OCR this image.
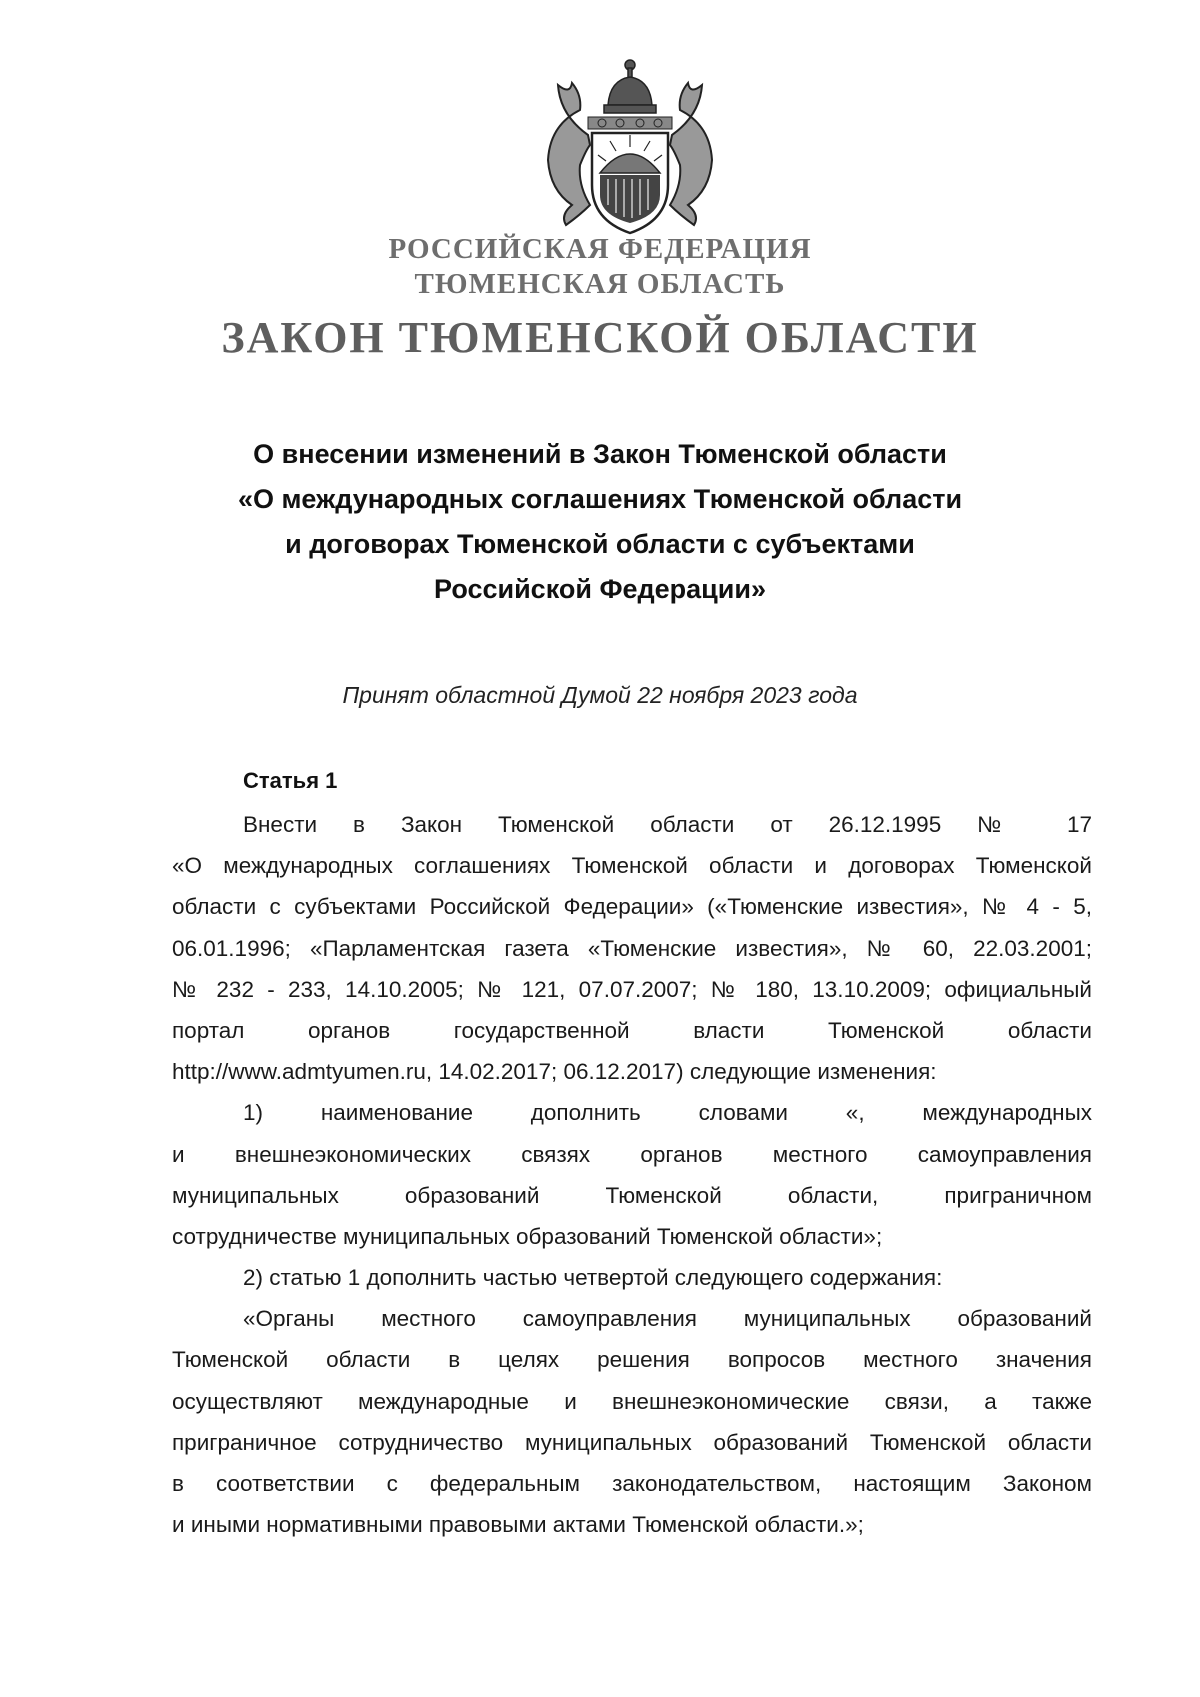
РОССИЙСКАЯ ФЕДЕРАЦИЯ
ТЮМЕНСКАЯ ОБЛАСТЬ
ЗАКОН ТЮМЕНСКОЙ ОБЛАСТИ
О внесении изменений в Закон Тюменской области
«О международных соглашениях Тюменской области
и договорах Тюменской области с субъектами
Российской Федерации»
Принят областной Думой 22 ноября 2023 года
Статья 1
Внести в Закон Тюменской области от 26.12.1995 № 17
«О международных соглашениях Тюменской области и договорах Тюменской
области с субъектами Российской Федерации» («Тюменские известия», № 4 - 5,
06.01.1996; «Парламентская газета «Тюменские известия», № 60, 22.03.2001;
№ 232 - 233, 14.10.2005; № 121, 07.07.2007; № 180, 13.10.2009; официальный
портал органов государственной власти Тюменской области
http://www.admtyumen.ru, 14.02.2017; 06.12.2017) следующие изменения:
1) наименование дополнить словами «, международных
и внешнеэкономических связях органов местного самоуправления
муниципальных образований Тюменской области, приграничном
сотрудничестве муниципальных образований Тюменской области»;
2) статью 1 дополнить частью четвертой следующего содержания:
«Органы местного самоуправления муниципальных образований
Тюменской области в целях решения вопросов местного значения
осуществляют международные и внешнеэкономические связи, а также
приграничное сотрудничество муниципальных образований Тюменской области
в соответствии с федеральным законодательством, настоящим Законом
и иными нормативными правовыми актами Тюменской области.»;
